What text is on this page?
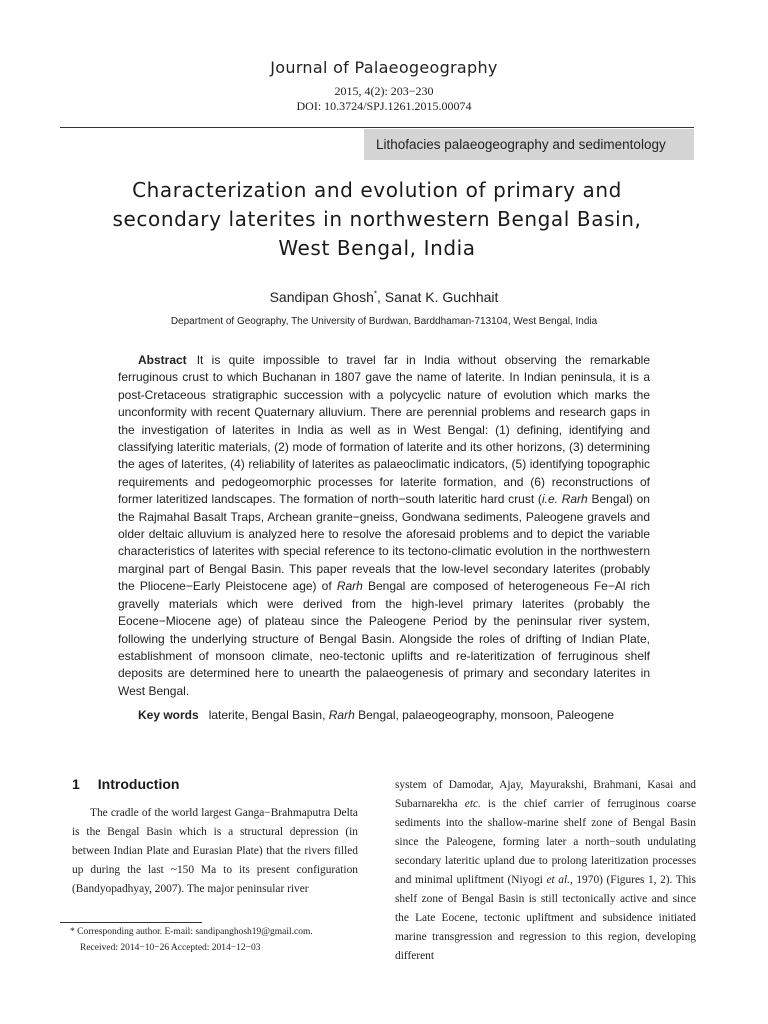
Journal of Palaeogeography
2015, 4(2): 203−230
DOI: 10.3724/SPJ.1261.2015.00074
Lithofacies palaeogeography and sedimentology
Characterization and evolution of primary and
secondary laterites in northwestern Bengal Basin,
West Bengal, India
Sandipan Ghosh*, Sanat K. Guchhait
Department of Geography, The University of Burdwan, Barddhaman-713104, West Bengal, India

Abstract It is quite impossible to travel far in India without observing the remarkable ferruginous crust to which Buchanan in 1807 gave the name of laterite. In Indian peninsula, it is a post-Cretaceous stratigraphic succession with a polycyclic nature of evolution which marks the unconformity with recent Quaternary alluvium. There are perennial problems and research gaps in the investigation of laterites in India as well as in West Bengal: (1) defining, identifying and classifying lateritic materials, (2) mode of formation of laterite and its other horizons, (3) determining the ages of laterites, (4) reliability of laterites as palaeoclimatic indicators, (5) identifying topographic requirements and pedogeomorphic processes for laterite formation, and (6) reconstructions of former lateritized landscapes. The formation of north−south lateritic hard crust (i.e. Rarh Bengal) on the Rajmahal Basalt Traps, Archean granite−gneiss, Gondwana sediments, Paleogene gravels and older deltaic alluvium is analyzed here to resolve the aforesaid problems and to depict the variable characteristics of laterites with special reference to its tectono-climatic evolution in the northwestern marginal part of Bengal Basin. This paper reveals that the low-level secondary laterites (probably the Pliocene−Early Pleistocene age) of Rarh Bengal are composed of heterogeneous Fe−Al rich gravelly materials which were derived from the high-level primary laterites (probably the Eocene−Miocene age) of plateau since the Paleogene Period by the peninsular river system, following the underlying structure of Bengal Basin. Alongside the roles of drifting of Indian Plate, establishment of monsoon climate, neo-tectonic uplifts and re-lateritization of ferruginous shelf deposits are determined here to unearth the palaeogenesis of primary and secondary laterites in West Bengal.

Key words laterite, Bengal Basin, Rarh Bengal, palaeogeography, monsoon, Paleogene
1 Introduction

The cradle of the world largest Ganga−Brahmaputra Delta is the Bengal Basin which is a structural depression (in between Indian Plate and Eurasian Plate) that the rivers filled up during the last ~150 Ma to its present configuration (Bandyopadhyay, 2007). The major peninsular river

system of Damodar, Ajay, Mayurakshi, Brahmani, Kasai and Subarnarekha etc. is the chief carrier of ferruginous coarse sediments into the shallow-marine shelf zone of Bengal Basin since the Paleogene, forming later a north−south undulating secondary lateritic upland due to prolong lateritization processes and minimal upliftment (Niyogi et al., 1970) (Figures 1, 2). This shelf zone of Bengal Basin is still tectonically active and since the Late Eocene, tectonic upliftment and subsidence initiated marine transgression and regression to this region, developing different

* Corresponding author. E-mail: sandipanghosh19@gmail.com.
Received: 2014−10−26 Accepted: 2014−12−03
